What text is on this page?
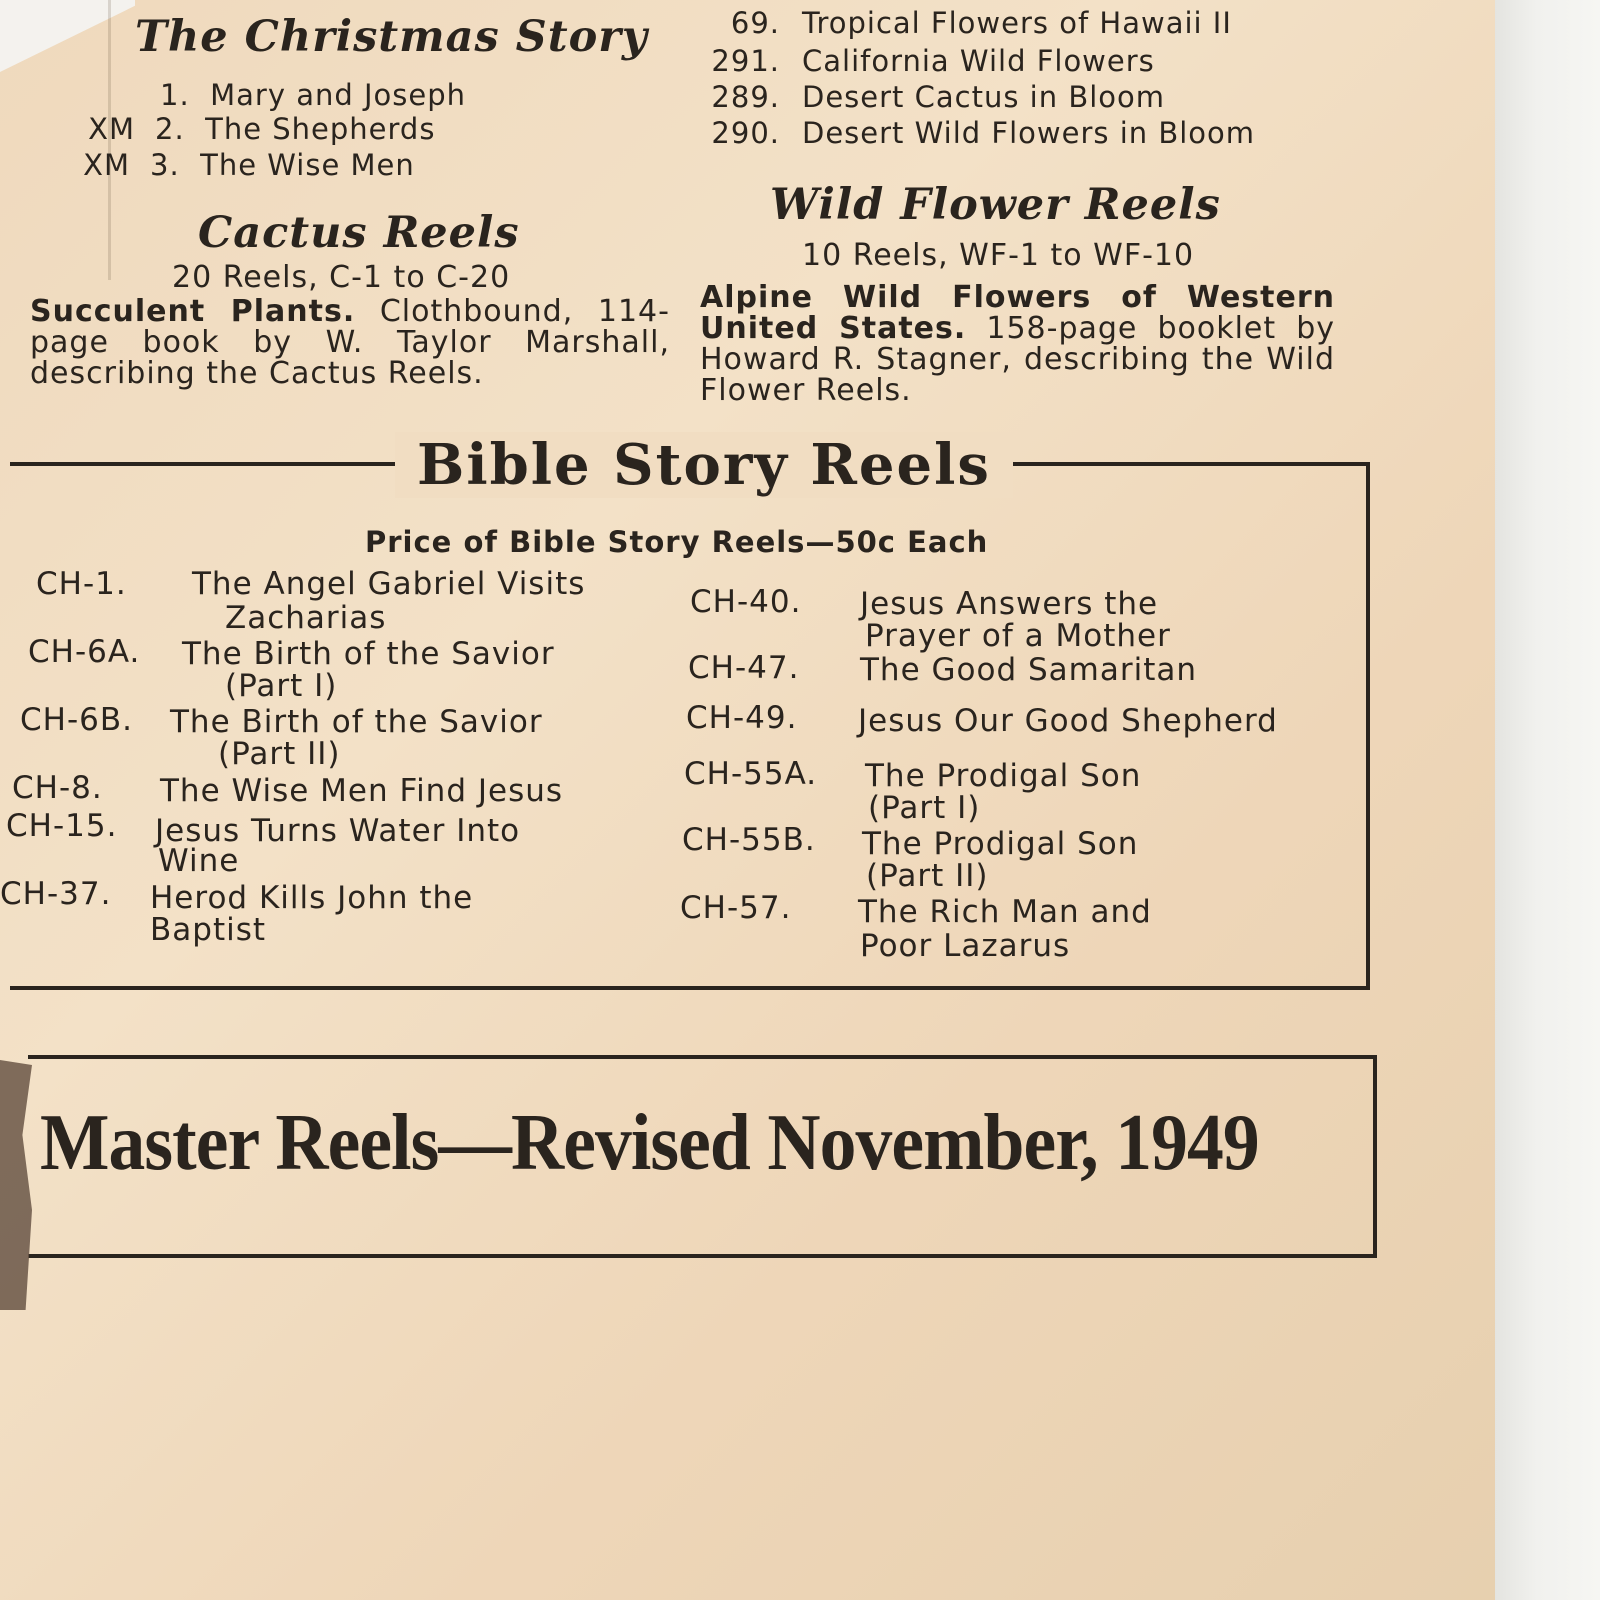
The Christmas Story
1. Mary and Joseph
XM 2. The Shepherds
XM 3. The Wise Men
Cactus Reels
20 Reels, C-1 to C-20
Succulent Plants. Clothbound, 114-page book by W. Taylor Marshall, describing the Cactus Reels.
69. Tropical Flowers of Hawaii II
291. California Wild Flowers
289. Desert Cactus in Bloom
290. Desert Wild Flowers in Bloom
Wild Flower Reels
10 Reels, WF-1 to WF-10
Alpine Wild Flowers of Western United States. 158-page booklet by Howard R. Stagner, describing the Wild Flower Reels.
Bible Story Reels
Price of Bible Story Reels—50c Each
CH-1. The Angel Gabriel Visits
Zacharias
CH-6A. The Birth of the Savior
(Part I)
CH-6B. The Birth of the Savior
(Part II)
CH-8. The Wise Men Find Jesus
CH-15. Jesus Turns Water Into
Wine
CH-37. Herod Kills John the
Baptist
CH-40. Jesus Answers the
Prayer of a Mother
CH-47. The Good Samaritan
CH-49. Jesus Our Good Shepherd
CH-55A. The Prodigal Son
(Part I)
CH-55B. The Prodigal Son
(Part II)
CH-57. The Rich Man and
Poor Lazarus
Master Reels—Revised November, 1949
